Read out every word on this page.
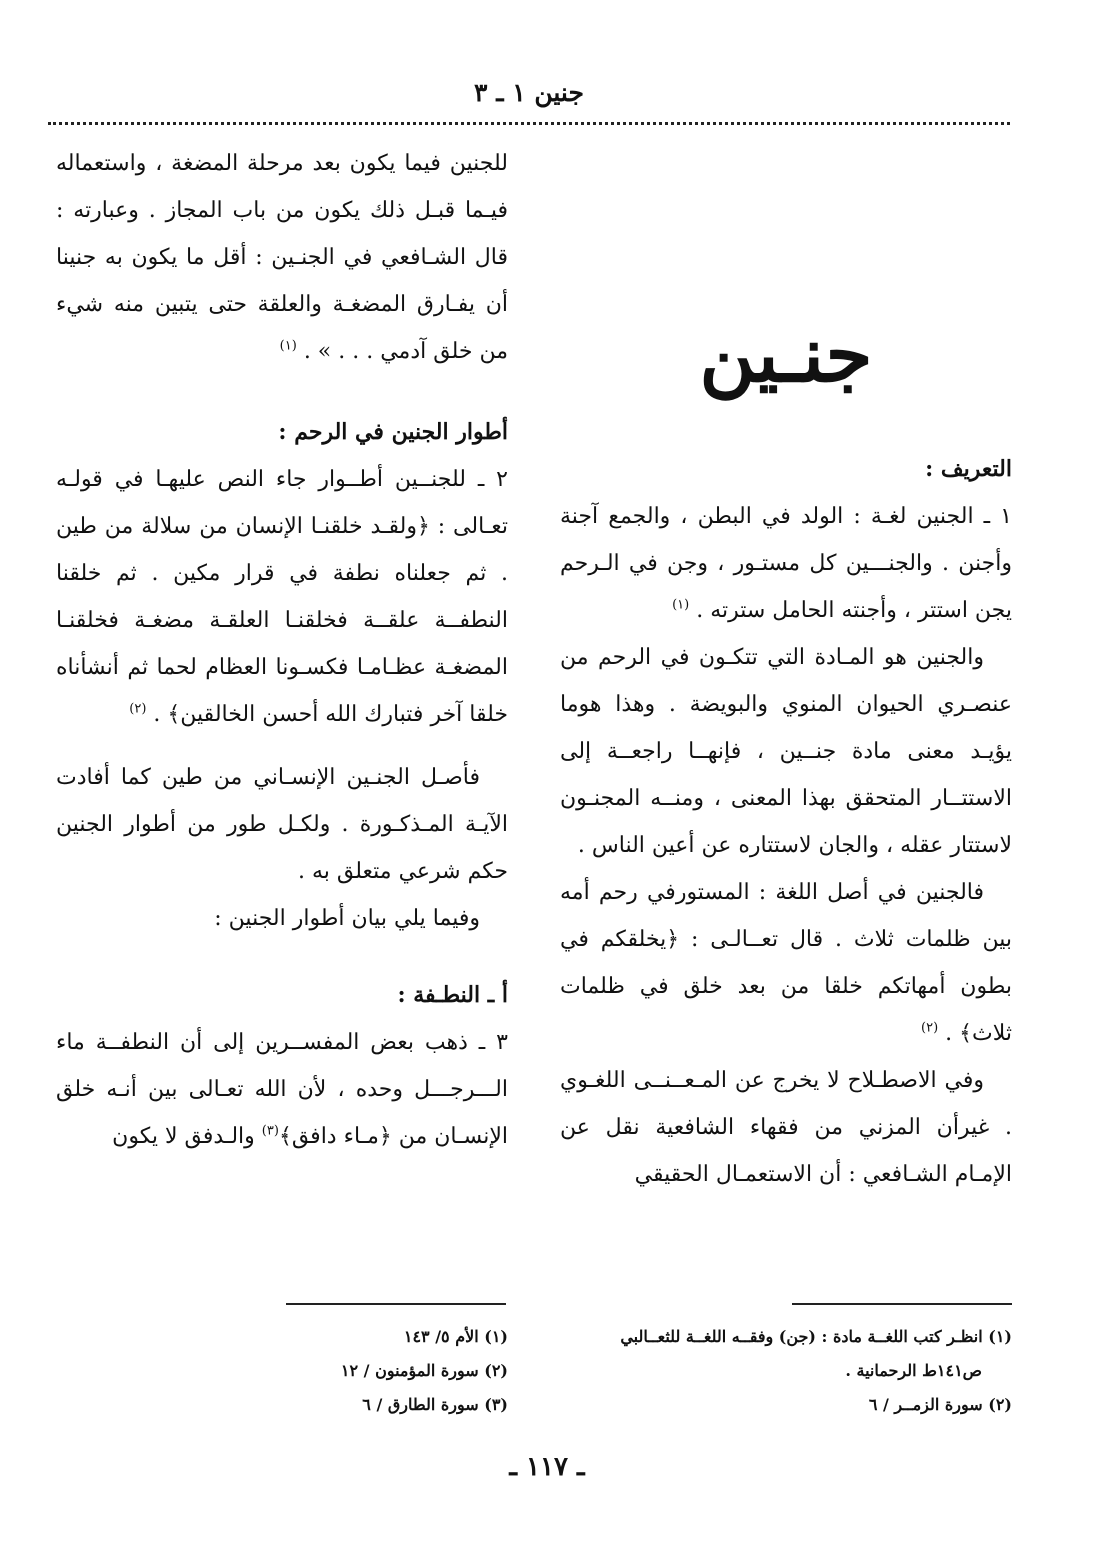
جنين ١ ـ ٣
جنـين

التعريف :

١ ـ الجنين لغـة : الولد في البطن ، والجمع آجنة وأجنن . والجنـــين كل مستـور ، وجن في الـرحم يجن استتر ، وأجنته الحامل سترته . $^{(١)}$

والجنين هو المـادة التي تتكـون في الرحم من عنصـري الحيوان المنوي والبويضة . وهذا هوما يؤيـد معنى مادة جنــين ، فإنهــا راجعــة إلى الاستتــار المتحقق بهذا المعنى ، ومنــه المجنـون لاستتار عقله ، والجان لاستتاره عن أعين الناس .

فالجنين في أصل اللغة : المستورفي رحم أمه بين ظلمات ثلاث . قال تعــالـى : ﴿يخلقكم في بطون أمهاتكم خلقا من بعد خلق في ظلمات ثلاث﴾ . $^{(٢)}$

وفي الاصطـلاح لا يخرج عن المـعــنــى اللغـوي . غيرأن المزني من فقهاء الشافعية نقل عن الإمـام الشـافعي : أن الاستعمـال الحقيقي

للجنين فيما يكون بعد مرحلة المضغة ، واستعماله فيـما قبـل ذلك يكون من باب المجاز . وعبارته : قال الشـافعي في الجنـين : أقل ما يكون به جنينا أن يفـارق المضغـة والعلقة حتى يتبين منه شيء من خلق آدمي . . . » . $^{(١)}$

أطوار الجنين في الرحم :

٢ ـ للجنــين أطــوار جاء النص عليهـا في قولـه تعـالى : ﴿ولقـد خلقنـا الإنسان من سلالة من طين . ثم جعلناه نطفة في قرار مكين . ثم خلقنا النطفــة علقــة فخلقنـا العلقـة مضغـة فخلقنـا المضغـة عظـامـا فكسـونا العظام لحما ثم أنشأناه خلقا آخر فتبارك الله أحسن الخالقين﴾ . $^{(٢)}$

فأصـل الجنـين الإنسـاني من طين كما أفادت الآيـة المـذكـورة . ولكـل طور من أطوار الجنين حكم شرعي متعلق به .

وفيما يلي بيان أطوار الجنين :

أ ـ النطـفة :

٣ ـ ذهب بعض المفســرين إلى أن النطفــة ماء الـــرجـــل وحده ، لأن الله تعـالى بين أنـه خلق الإنسـان من ﴿مـاء دافق﴾$^{(٣)}$ والـدفق لا يكون

(١) انظـر كتب اللغــة مادة : (جن) وفقــه اللغــة للثعــالبي

ص١٤١ط الرحمانية .

(٢) سورة الزمــر / ٦

(١) الأم ٥/ ١٤٣

(٢) سورة المؤمنون / ١٢

(٣) سورة الطارق / ٦

ـ ١١٧ ـ
